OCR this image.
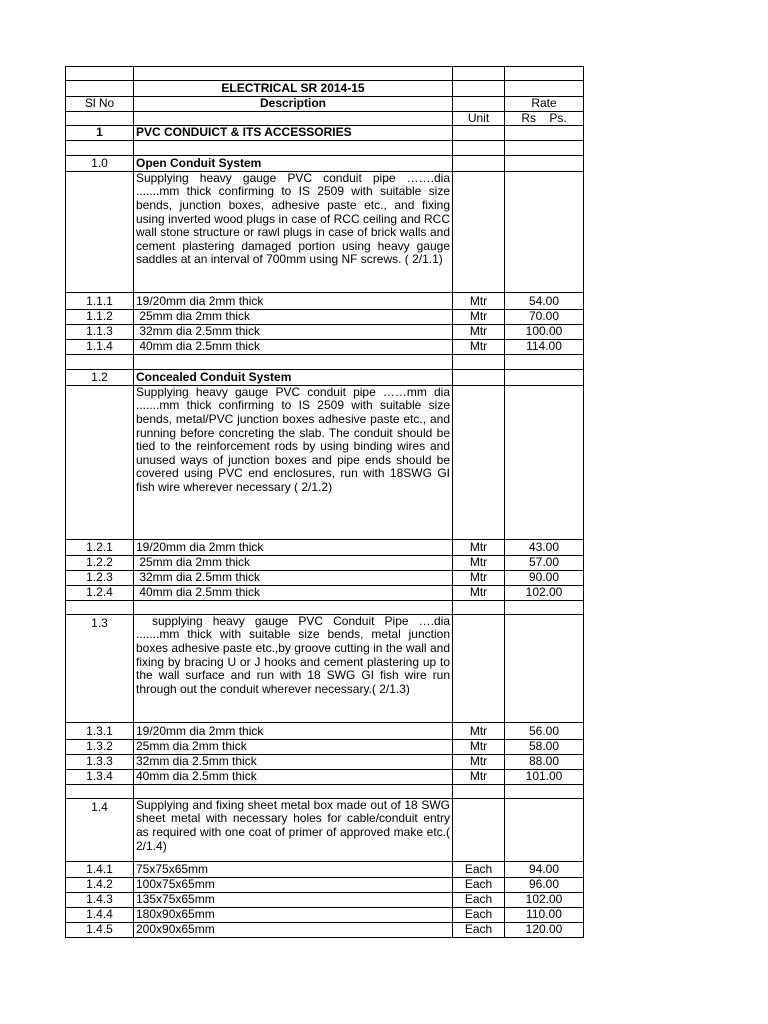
	ELECTRICAL SR 2014-15		
Sl No	Description		Rate
		Unit	Rs Ps.
1	PVC CONDUICT & ITS ACCESSORIES		

1.0	Open Conduit System		
	Supplying heavy gauge PVC conduit pipe …….dia .......mm thick confirming to IS 2509 with suitable size bends, junction boxes, adhesive paste etc., and fixing using inverted wood plugs in case of RCC ceiling and RCC wall stone structure or rawl plugs in case of brick walls and cement plastering damaged portion using heavy gauge saddles at an interval of 700mm using NF screws. ( 2/1.1)		
1.1.1	19/20mm dia 2mm thick	Mtr	54.00
1.1.2	25mm dia 2mm thick	Mtr	70.00
1.1.3	32mm dia 2.5mm thick	Mtr	100.00
1.1.4	40mm dia 2.5mm thick	Mtr	114.00

1.2	Concealed Conduit System		
	Supplying heavy gauge PVC conduit pipe ……mm dia .......mm thick confirming to IS 2509 with suitable size bends, metal/PVC junction boxes adhesive paste etc., and running before concreting the slab. The conduit should be tied to the reinforcement rods by using binding wires and unused ways of junction boxes and pipe ends should be covered using PVC end enclosures, run with 18SWG GI fish wire wherever necessary ( 2/1.2)		
1.2.1	19/20mm dia 2mm thick	Mtr	43.00
1.2.2	25mm dia 2mm thick	Mtr	57.00
1.2.3	32mm dia 2.5mm thick	Mtr	90.00
1.2.4	40mm dia 2.5mm thick	Mtr	102.00

1.3	supplying heavy gauge PVC Conduit Pipe ….dia .......mm thick with suitable size bends, metal junction boxes adhesive paste etc.,by groove cutting in the wall and fixing by bracing U or J hooks and cement plastering up to the wall surface and run with 18 SWG GI fish wire run through out the conduit wherever necessary.( 2/1.3)		
1.3.1	19/20mm dia 2mm thick	Mtr	56.00
1.3.2	25mm dia 2mm thick	Mtr	58.00
1.3.3	32mm dia 2.5mm thick	Mtr	88.00
1.3.4	40mm dia 2.5mm thick	Mtr	101.00

1.4	Supplying and fixing sheet metal box made out of 18 SWG sheet metal with necessary holes for cable/conduit entry as required with one coat of primer of approved make etc.( 2/1.4)		
1.4.1	75x75x65mm	Each	94.00
1.4.2	100x75x65mm	Each	96.00
1.4.3	135x75x65mm	Each	102.00
1.4.4	180x90x65mm	Each	110.00
1.4.5	200x90x65mm	Each	120.00
